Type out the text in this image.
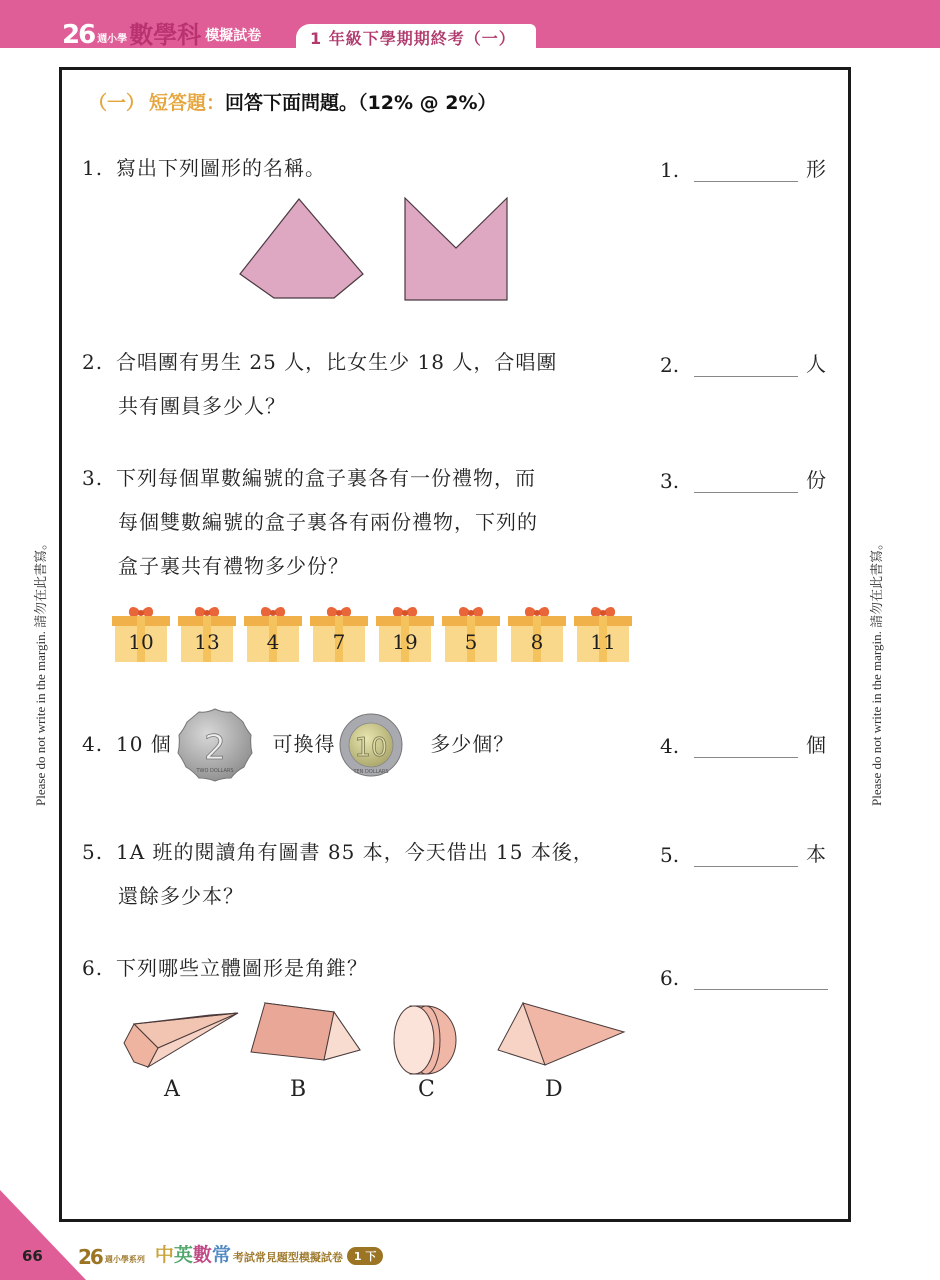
26 週小學 數學科 模擬試卷	1 年級下學期期終考（一）
Please do not write in the margin. 請勿在此書寫。	Please do not write in the margin. 請勿在此書寫。
（一） 短答題： 回答下面問題。（12% @ 2%）
1. 寫出下列圖形的名稱。	1.	形
2. 合唱團有男生 25 人，比女生少 18 人，合唱團
共有團員多少人？
2.	人
3. 下列每個單數編號的盒子裏各有一份禮物，而
每個雙數編號的盒子裏各有兩份禮物，下列的
盒子裏共有禮物多少份？
3.	份
10	13	4	7	19	5	8	11
4. 10 個	可換得	多少個？
2
TWO DOLLARS
10
TEN DOLLARS
4.	個
5. 1A 班的閱讀角有圖書 85 本，今天借出 15 本後，
還餘多少本？
5.	本
6. 下列哪些立體圖形是角錐？	6.
A	B	C	D
66 26 週小學系列 中 英 數 常 考試常見題型模擬試卷	1 下
